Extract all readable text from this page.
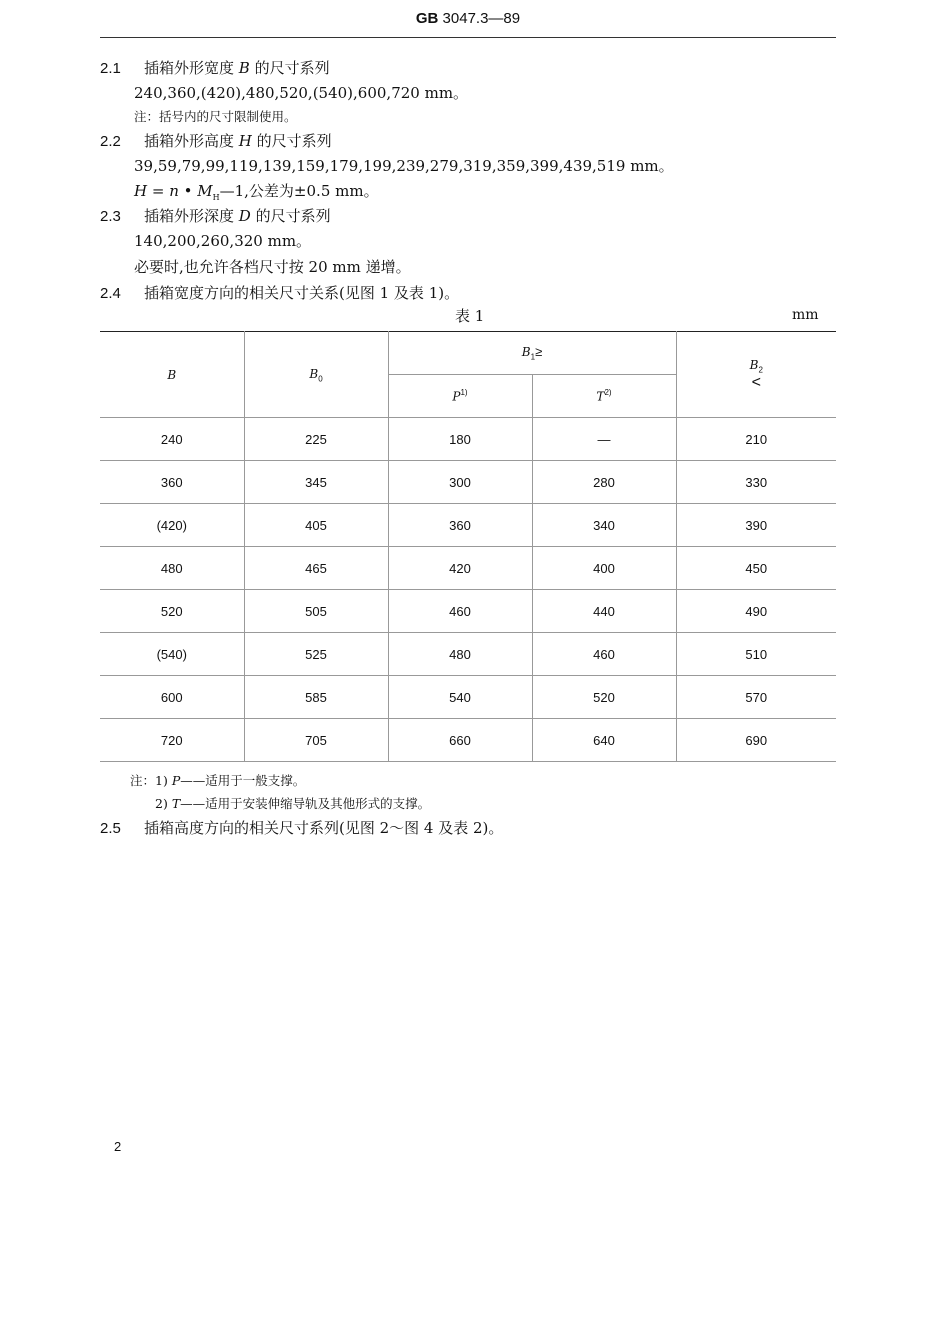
GB 3047.3—89
2.1 插箱外形宽度 B 的尺寸系列
240,360,(420),480,520,(540),600,720 mm。
注：括号内的尺寸限制使用。
2.2 插箱外形高度 H 的尺寸系列
39,59,79,99,119,139,159,179,199,239,279,319,359,399,439,519 mm。
H = n • $M_H—1$,公差为±0.5 mm。
2.3 插箱外形深度 D 的尺寸系列
140,200,260,320 mm。
必要时,也允许各档尺寸按 20 mm 递增。
2.4 插箱宽度方向的相关尺寸关系(见图 1 及表 1)。
表 1	mm
B	$B_0$	$B_1\ge$		$B_2$
<
		$P^{1)}$	$T^{2)}$
240	225	180	—	210
360	345	300	280	330
(420)	405	360	340	390
480	465	420	400	450
520	505	460	440	490
(540)	525	480	460	510
600	585	540	520	570
720	705	660	640	690
注：1) P——适用于一般支撑。
2) T——适用于安装伸缩导轨及其他形式的支撑。
2.5 插箱高度方向的相关尺寸系列(见图 2～图 4 及表 2)。
2
